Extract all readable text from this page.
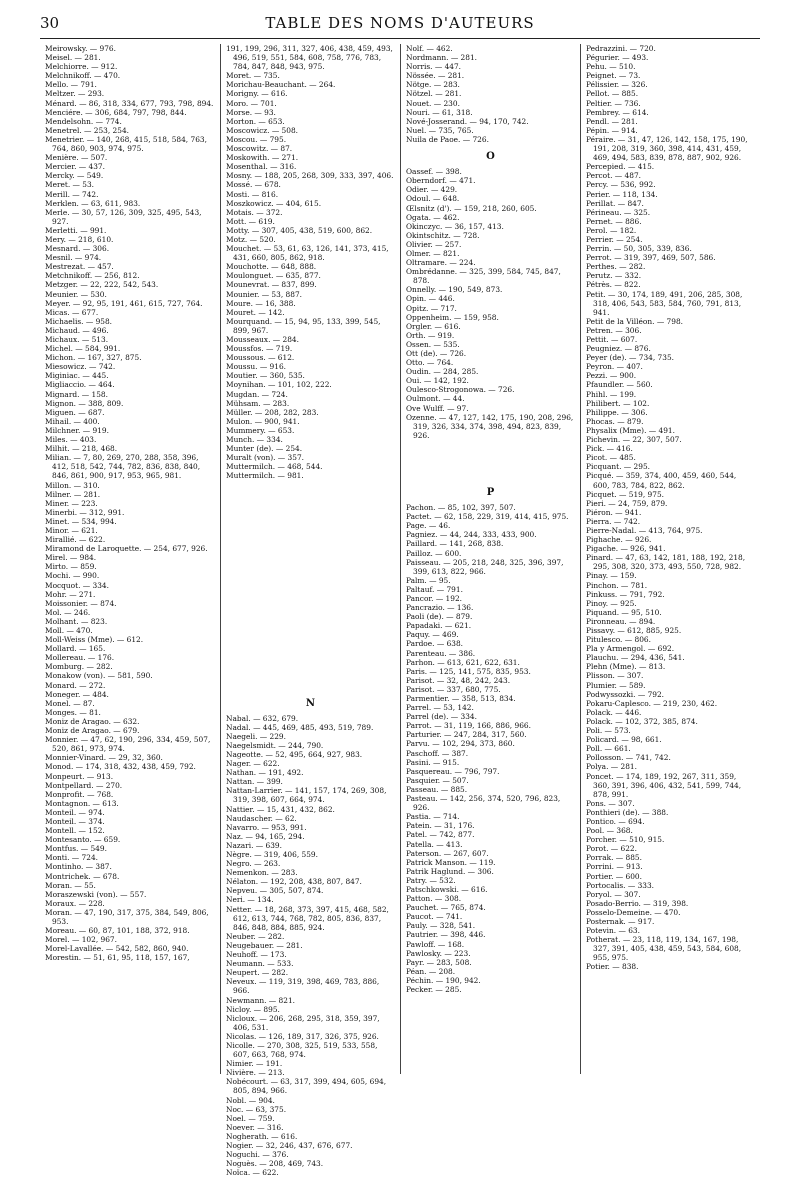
30	TABLE DES NOMS D'AUTEURS
Meirowsky. — 976.
Meisel. — 281.
Melchiorre. — 912.
Melchnikoff. — 470.
Mello. — 791.
Meltzer. — 293.
Ménard. — 86, 318, 334, 677, 793, 798, 894.
Menciére. — 306, 684, 797, 798, 844.
Mendelsohn. — 774.
Menetrel. — 253, 254.
Menetrier. — 140, 268, 415, 518, 584, 763, 764, 860, 903, 974, 975.
Menière. — 507.
Mercier. — 437.
Mercky. — 549.
Meret. — 53.
Merill. — 742.
Merklen. — 63, 611, 983.
Merle. — 30, 57, 126, 309, 325, 495, 543, 927.
Merletti. — 991.
Mery. — 218, 610.
Mesnard. — 306.
Mesnil. — 974.
Mestrezat. — 457.
Metchnikoff. — 256, 812.
Metzger. — 22, 222, 542, 543.
Meunier. — 530.
Meyer. — 92, 95, 191, 461, 615, 727, 764.
Micas. — 677.
Michaelis. — 958.
Michaud. — 496.
Michaux. — 513.
Michel. — 584, 991.
Michon. — 167, 327, 875.
Miesowicz. — 742.
Miginiac. — 445.
Migliaccio. — 464.
Mignard. — 158.
Mignon. — 388, 809.
Miguen. — 687.
Mihail. — 400.
Milchner. — 919.
Miles. — 403.
Milhit. — 218, 468.
Milian. — 7, 80, 269, 270, 288, 358, 396, 412, 518, 542, 744, 782, 836, 838, 840, 846, 861, 900, 917, 953, 965, 981.
Millon. — 310.
Milner. — 281.
Miner. — 223.
Minerbi. — 312, 991.
Minet. — 534, 994.
Minor. — 621.
Mirallié. — 622.
Miramond de Laroquette. — 254, 677, 926.
Mirel. — 984.
Mirto. — 859.
Mochi. — 990.
Mocquot. — 334.
Mohr. — 271.
Moissonier. — 874.
Mol. — 246.
Molhant. — 823.
Moll. — 470.
Moll-Weiss (Mme). — 612.
Mollard. — 165.
Mollereau. — 176.
Momburg. — 282.
Monakow (von). — 581, 590.
Monard. — 272.
Moneger. — 484.
Monel. — 87.
Monges. — 81.
Moniz de Aragao. — 632.
Moniz de Aragao. — 679.
Monnier. — 47, 62, 190, 296, 334, 459, 507, 520, 861, 973, 974.
Monnier-Vinard. — 29, 32, 360.
Monod. — 174, 318, 432, 438, 459, 792.
Monpeurt. — 913.
Montpellard. — 270.
Monprofit. — 768.
Montagnon. — 613.
Monteil. — 974.
Monteil. — 374.
Montell. — 152.
Montesanto. — 659.
Montfus. — 549.
Monti. — 724.
Montinho. — 387.
Montrichek. — 678.
Moran. — 55.
Moraszewski (von). — 557.
Moraux. — 228.
Moran. — 47, 190, 317, 375, 384, 549, 806, 953.
Moreau. — 60, 87, 101, 188, 372, 918.
Morel. — 102, 967.
Morel-Lavallée. — 542, 582, 860, 940.
Morestin. — 51, 61, 95, 118, 157, 167,
191, 199, 296, 311, 327, 406, 438, 459, 493, 496, 519, 551, 584, 608, 758, 776, 783, 784, 847, 848, 943, 975.
Moret. — 735.
Morichau-Beauchant. — 264.
Morigny. — 616.
Moro. — 701.
Morse. — 93.
Morton. — 653.
Moscowicz. — 508.
Moscou. — 795.
Moscowitz. — 87.
Moskowith. — 271.
Mosenthal. — 316.
Mosny. — 188, 205, 268, 309, 333, 397, 406.
Mossé. — 678.
Mosti. — 816.
Moszkowicz. — 404, 615.
Motais. — 372.
Mott. — 619.
Motty. — 307, 405, 438, 519, 600, 862.
Motz. — 520.
Mouchet. — 53, 61, 63, 126, 141, 373, 415, 431, 660, 805, 862, 918.
Mouchotte. — 648, 888.
Moulonguet. — 635, 877.
Mounevrat. — 837, 899.
Mounier. — 53, 887.
Moure. — 16, 388.
Mouret. — 142.
Mourquand. — 15, 94, 95, 133, 399, 545, 899, 967.
Mousseaux. — 284.
Moussfos. — 719.
Moussous. — 612.
Moussu. — 916.
Moutier. — 360, 535.
Moynihan. — 101, 102, 222.
Mugdan. — 724.
Mühsam. — 283.
Müller. — 208, 282, 283.
Mulon. — 900, 941.
Mummery. — 653.
Munch. — 334.
Munter (de). — 254.
Muralt (von). — 357.
Muttermilch. — 468, 544.
Muttermilch. — 981.
N
Nabal. — 632, 679.
Nadal. — 445, 469, 485, 493, 519, 789.
Naegeli. — 229.
Naegelsmidt. — 244, 790.
Nageotte. — 52, 495, 664, 927, 983.
Nager. — 622.
Nathan. — 191, 492.
Nattan. — 399.
Nattan-Larrier. — 141, 157, 174, 269, 308, 319, 398, 607, 664, 974.
Nattier. — 15, 431, 432, 862.
Naudascher. — 62.
Navarro. — 953, 991.
Naz. — 94, 165, 294.
Nazari. — 639.
Nègre. — 319, 406, 559.
Negro. — 263.
Nemenkon. — 283.
Nélaton. — 192, 208, 438, 807, 847.
Nepveu. — 305, 507, 874.
Neri. — 134.
Netter. — 18, 268, 373, 397, 415, 468, 582, 612, 613, 744, 768, 782, 805, 836, 837, 846, 848, 884, 885, 924.
Neuber. — 282.
Neugebauer. — 281.
Neuhoff. — 173.
Neumann. — 533.
Neupert. — 282.
Neveux. — 119, 319, 398, 469, 783, 886, 966.
Newmann. — 821.
Nicloy. — 895.
Nicloux. — 206, 268, 295, 318, 359, 397, 406, 531.
Nicolas. — 126, 189, 317, 326, 375, 926.
Nicolle. — 270, 308, 325, 519, 533, 558, 607, 663, 768, 974.
Nimier. — 191.
Nivière. — 213.
Nobécourt. — 63, 317, 399, 494, 605, 694, 805, 894, 966.
Nobl. — 904.
Noc. — 63, 375.
Noel. — 759.
Noever. — 316.
Nogherath. — 616.
Nogier. — 32, 246, 437, 676, 677.
Noguchi. — 376.
Noguès. — 208, 469, 743.
Noïca. — 622.
Nolf. — 462.
Nordmann. — 281.
Norris. — 447.
Nössée. — 281.
Nötge. — 283.
Nötzel. — 281.
Nouet. — 230.
Nouri. — 61, 318.
Nové-Josserand. — 94, 170, 742.
Nuel. — 735, 765.
Nuila de Paoe. — 726.
O
Oassef. — 398.
Oberndorf. — 471.
Odier. — 429.
Odoul. — 648.
Œlsnitz (d'). — 159, 218, 260, 605.
Ogata. — 462.
Okinczyc. — 36, 157, 413.
Okintschitz. — 728.
Olivier. — 257.
Olmer. — 821.
Oltramare. — 224.
Ombrédanne. — 325, 399, 584, 745, 847, 878.
Onnelly. — 190, 549, 873.
Opin. — 446.
Opitz. — 717.
Oppenheim. — 159, 958.
Orgler. — 616.
Orth. — 919.
Ossen. — 535.
Ott (de). — 726.
Otto. — 764.
Oudin. — 284, 285.
Oui. — 142, 192.
Oulesco-Strogonowa. — 726.
Oulmont. — 44.
Ove Wulff. — 97.
Ozenne. — 47, 127, 142, 175, 190, 208, 296, 319, 326, 334, 374, 398, 494, 823, 839, 926.
P
Pachon. — 85, 102, 397, 507.
Pactet. — 62, 158, 229, 319, 414, 415, 975.
Page. — 46.
Pagniez. — 44, 244, 333, 433, 900.
Paillard. — 141, 268, 838.
Pailloz. — 600.
Paisseau. — 205, 218, 248, 325, 396, 397, 399, 613, 822, 966.
Palm. — 95.
Paltauf. — 791.
Pancor. — 192.
Pancrazio. — 136.
Paoli (de). — 879.
Papadaki. — 621.
Paquy. — 469.
Pardoe. — 638.
Parenteau. — 386.
Parhon. — 613, 621, 622, 631.
Paris. — 125, 141, 575, 835, 953.
Parisot. — 32, 48, 242, 243.
Parisot. — 337, 680, 775.
Parmentier. — 358, 513, 834.
Parrel. — 53, 142.
Parrel (de). — 334.
Parrot. — 31, 119, 166, 886, 966.
Parturier. — 247, 284, 317, 560.
Parvu. — 102, 294, 373, 860.
Paschoff. — 387.
Pasini. — 915.
Pasquereau. — 796, 797.
Pasquier. — 507.
Passeau. — 885.
Pasteau. — 142, 256, 374, 520, 796, 823, 926.
Pastia. — 714.
Patein. — 31, 176.
Patel. — 742, 877.
Patella. — 413.
Paterson. — 267, 607.
Patrick Manson. — 119.
Patrik Haglund. — 306.
Patry. — 532.
Patschkowski. — 616.
Patton. — 308.
Pauchet. — 765, 874.
Paucot. — 741.
Pauly. — 328, 541.
Pautrier. — 398, 446.
Pawloff. — 168.
Pawlosky. — 223.
Payr. — 283, 508.
Péan. — 208.
Péchin. — 190, 942.
Pecker. — 285.
Pedrazzini. — 720.
Pégurier. — 493.
Pehu. — 510.
Peignet. — 73.
Pélissier. — 326.
Pellot. — 885.
Peltier. — 736.
Pembrey. — 614.
Pendl. — 281.
Pépin. — 914.
Péraire. — 31, 47, 126, 142, 158, 175, 190, 191, 208, 319, 360, 398, 414, 431, 459, 469, 494, 583, 839, 878, 887, 902, 926.
Percepied. — 415.
Percot. — 487.
Percy. — 536, 992.
Perier. — 118, 134.
Perillat. — 847.
Périneau. — 325.
Pernet. — 886.
Perol. — 182.
Perrier. — 254.
Perrin. — 50, 305, 339, 836.
Perrot. — 319, 397, 469, 507, 586.
Perthes. — 282.
Perutz. — 332.
Pétrès. — 822.
Petit. — 30, 174, 189, 491, 206, 285, 308, 318, 406, 543, 583, 584, 760, 791, 813, 941.
Petit de la Villéon. — 798.
Petren. — 306.
Pettit. — 607.
Peugniez. — 876.
Peyer (de). — 734, 735.
Peyron. — 407.
Pezzi. — 900.
Pfaundler. — 560.
Phihl. — 199.
Philibert. — 102.
Philippe. — 306.
Phocas. — 879.
Physalix (Mme). — 491.
Pichevin. — 22, 307, 507.
Pick. — 416.
Picot. — 485.
Picquant. — 295.
Picqué. — 359, 374, 400, 459, 460, 544, 600, 783, 784, 822, 862.
Picquet. — 519, 975.
Pieri. — 24, 759, 879.
Piéron. — 941.
Pierra. — 742.
Pierre-Nadal. — 413, 764, 975.
Pighache. — 926.
Pigache. — 926, 941.
Pinard. — 47, 63, 142, 181, 188, 192, 218, 295, 308, 320, 373, 493, 550, 728, 982.
Pinay. — 159.
Pinchon. — 781.
Pinkuss. — 791, 792.
Pinoy. — 925.
Piquand. — 95, 510.
Pironneau. — 894.
Pissavy. — 612, 885, 925.
Pitulesco. — 806.
Pla y Armengol. — 692.
Plauchu. — 294, 436, 541.
Plehn (Mme). — 813.
Plisson. — 307.
Plumier. — 589.
Podwyssozki. — 792.
Pokaru-Caplesco. — 219, 230, 462.
Polack. — 446.
Polack. — 102, 372, 385, 874.
Poli. — 573.
Policard. — 98, 661.
Poll. — 661.
Pollosson. — 741, 742.
Polya. — 281.
Poncet. — 174, 189, 192, 267, 311, 359, 360, 391, 396, 406, 432, 541, 599, 744, 878, 991.
Pons. — 307.
Ponthieri (de). — 388.
Pontico. — 694.
Pool. — 368.
Porcher. — 510, 915.
Porot. — 622.
Porrak. — 885.
Porrini. — 913.
Portier. — 600.
Portocalis. — 333.
Poryol. — 307.
Posado-Berrio. — 319, 398.
Posselo-Demeine. — 470.
Posternak. — 917.
Potevin. — 63.
Potherat. — 23, 118, 119, 134, 167, 198, 327, 391, 405, 438, 459, 543, 584, 608, 955, 975.
Potier. — 838.
